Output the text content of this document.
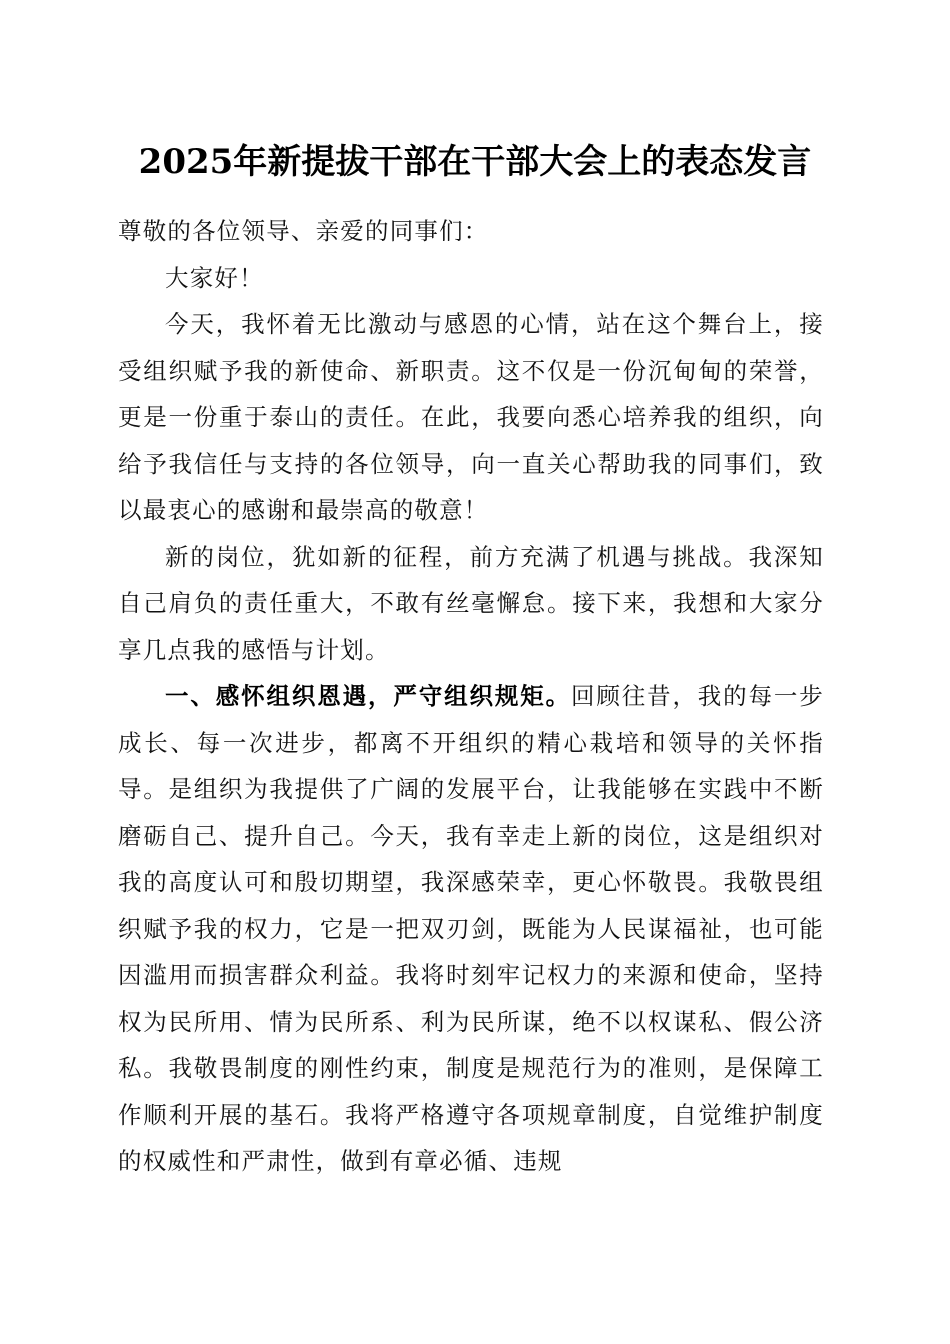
2025年新提拔干部在干部大会上的表态发言

尊敬的各位领导、亲爱的同事们：

大家好！

今天，我怀着无比激动与感恩的心情，站在这个舞台上，接受组织赋予我的新使命、新职责。这不仅是一份沉甸甸的荣誉，更是一份重于泰山的责任。在此，我要向悉心培养我的组织，向给予我信任与支持的各位领导，向一直关心帮助我的同事们，致以最衷心的感谢和最崇高的敬意！

新的岗位，犹如新的征程，前方充满了机遇与挑战。我深知自己肩负的责任重大，不敢有丝毫懈怠。接下来，我想和大家分享几点我的感悟与计划。

一、感怀组织恩遇，严守组织规矩。回顾往昔，我的每一步成长、每一次进步，都离不开组织的精心栽培和领导的关怀指导。是组织为我提供了广阔的发展平台，让我能够在实践中不断磨砺自己、提升自己。今天，我有幸走上新的岗位，这是组织对我的高度认可和殷切期望，我深感荣幸，更心怀敬畏。我敬畏组织赋予我的权力，它是一把双刃剑，既能为人民谋福祉，也可能因滥用而损害群众利益。我将时刻牢记权力的来源和使命，坚持权为民所用、情为民所系、利为民所谋，绝不以权谋私、假公济私。我敬畏制度的刚性约束，制度是规范行为的准则，是保障工作顺利开展的基石。我将严格遵守各项规章制度，自觉维护制度的权威性和严肃性，做到有章必循、违规
